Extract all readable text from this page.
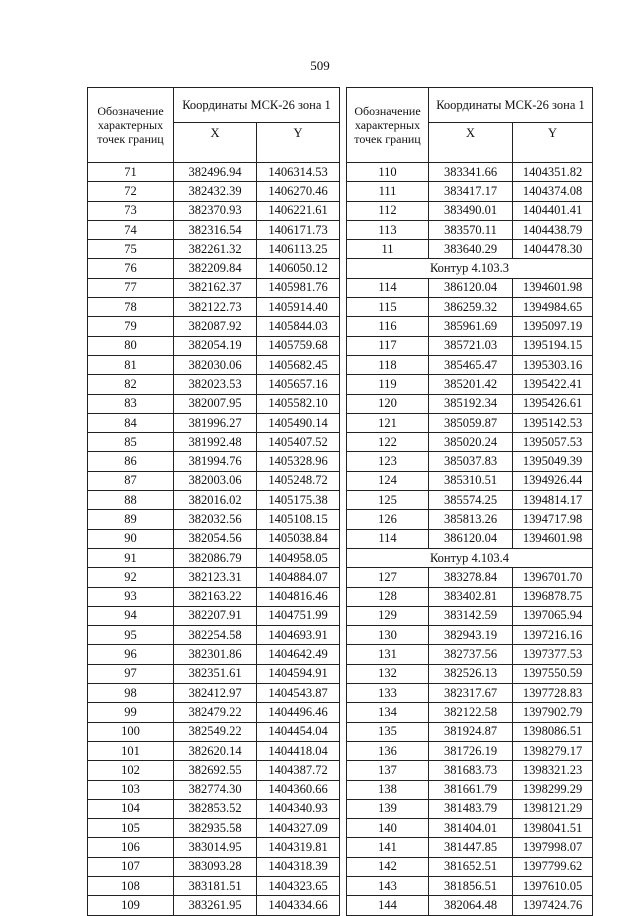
509
Обозначение характерных точек границ	Координаты МСК-26 зона 1	
	X	Y
71	382496.94	1406314.53
72	382432.39	1406270.46
73	382370.93	1406221.61
74	382316.54	1406171.73
75	382261.32	1406113.25
76	382209.84	1406050.12
77	382162.37	1405981.76
78	382122.73	1405914.40
79	382087.92	1405844.03
80	382054.19	1405759.68
81	382030.06	1405682.45
82	382023.53	1405657.16
83	382007.95	1405582.10
84	381996.27	1405490.14
85	381992.48	1405407.52
86	381994.76	1405328.96
87	382003.06	1405248.72
88	382016.02	1405175.38
89	382032.56	1405108.15
90	382054.56	1405038.84
91	382086.79	1404958.05
92	382123.31	1404884.07
93	382163.22	1404816.46
94	382207.91	1404751.99
95	382254.58	1404693.91
96	382301.86	1404642.49
97	382351.61	1404594.91
98	382412.97	1404543.87
99	382479.22	1404496.46
100	382549.22	1404454.04
101	382620.14	1404418.04
102	382692.55	1404387.72
103	382774.30	1404360.66
104	382853.52	1404340.93
105	382935.58	1404327.09
106	383014.95	1404319.81
107	383093.28	1404318.39
108	383181.51	1404323.65
109	383261.95	1404334.66
Обозначение характерных точек границ	Координаты МСК-26 зона 1	
	X	Y
110	383341.66	1404351.82
111	383417.17	1404374.08
112	383490.01	1404401.41
113	383570.11	1404438.79
11	383640.29	1404478.30
Контур 4.103.3		
114	386120.04	1394601.98
115	386259.32	1394984.65
116	385961.69	1395097.19
117	385721.03	1395194.15
118	385465.47	1395303.16
119	385201.42	1395422.41
120	385192.34	1395426.61
121	385059.87	1395142.53
122	385020.24	1395057.53
123	385037.83	1395049.39
124	385310.51	1394926.44
125	385574.25	1394814.17
126	385813.26	1394717.98
114	386120.04	1394601.98
Контур 4.103.4		
127	383278.84	1396701.70
128	383402.81	1396878.75
129	383142.59	1397065.94
130	382943.19	1397216.16
131	382737.56	1397377.53
132	382526.13	1397550.59
133	382317.67	1397728.83
134	382122.58	1397902.79
135	381924.87	1398086.51
136	381726.19	1398279.17
137	381683.73	1398321.23
138	381661.79	1398299.29
139	381483.79	1398121.29
140	381404.01	1398041.51
141	381447.85	1397998.07
142	381652.51	1397799.62
143	381856.51	1397610.05
144	382064.48	1397424.76
